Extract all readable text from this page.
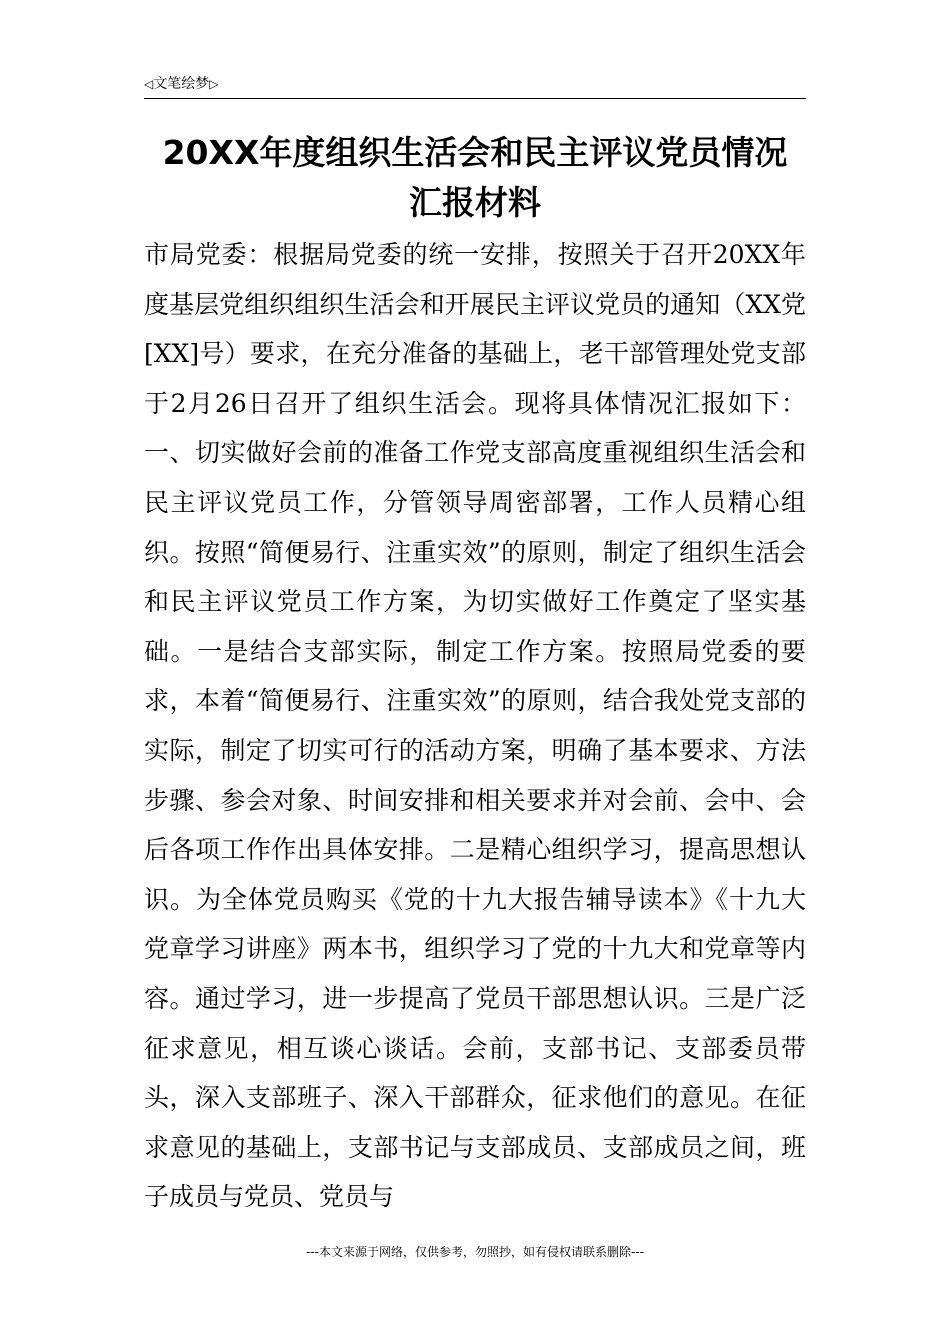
◁文笔绘梦▷
20XX年度组织生活会和民主评议党员情况
汇报材料

市局党委：根据局党委的统一安排，按照关于召开20XX年度基层党组织组织生活会和开展民主评议党员的通知（XX党[XX]号）要求，在充分准备的基础上，老干部管理处党支部于2月26日召开了组织生活会。现将具体情况汇报如下：一、切实做好会前的准备工作党支部高度重视组织生活会和民主评议党员工作，分管领导周密部署，工作人员精心组织。按照“简便易行、注重实效”的原则，制定了组织生活会和民主评议党员工作方案，为切实做好工作奠定了坚实基础。一是结合支部实际，制定工作方案。按照局党委的要求，本着“简便易行、注重实效”的原则，结合我处党支部的实际，制定了切实可行的活动方案，明确了基本要求、方法步骤、参会对象、时间安排和相关要求并对会前、会中、会后各项工作作出具体安排。二是精心组织学习，提高思想认识。为全体党员购买《党的十九大报告辅导读本》《十九大党章学习讲座》两本书，组织学习了党的十九大和党章等内容。通过学习，进一步提高了党员干部思想认识。三是广泛征求意见，相互谈心谈话。会前，支部书记、支部委员带头，深入支部班子、深入干部群众，征求他们的意见。在征求意见的基础上，支部书记与支部成员、支部成员之间，班子成员与党员、党员与

---本文来源于网络，仅供参考，勿照抄，如有侵权请联系删除---
